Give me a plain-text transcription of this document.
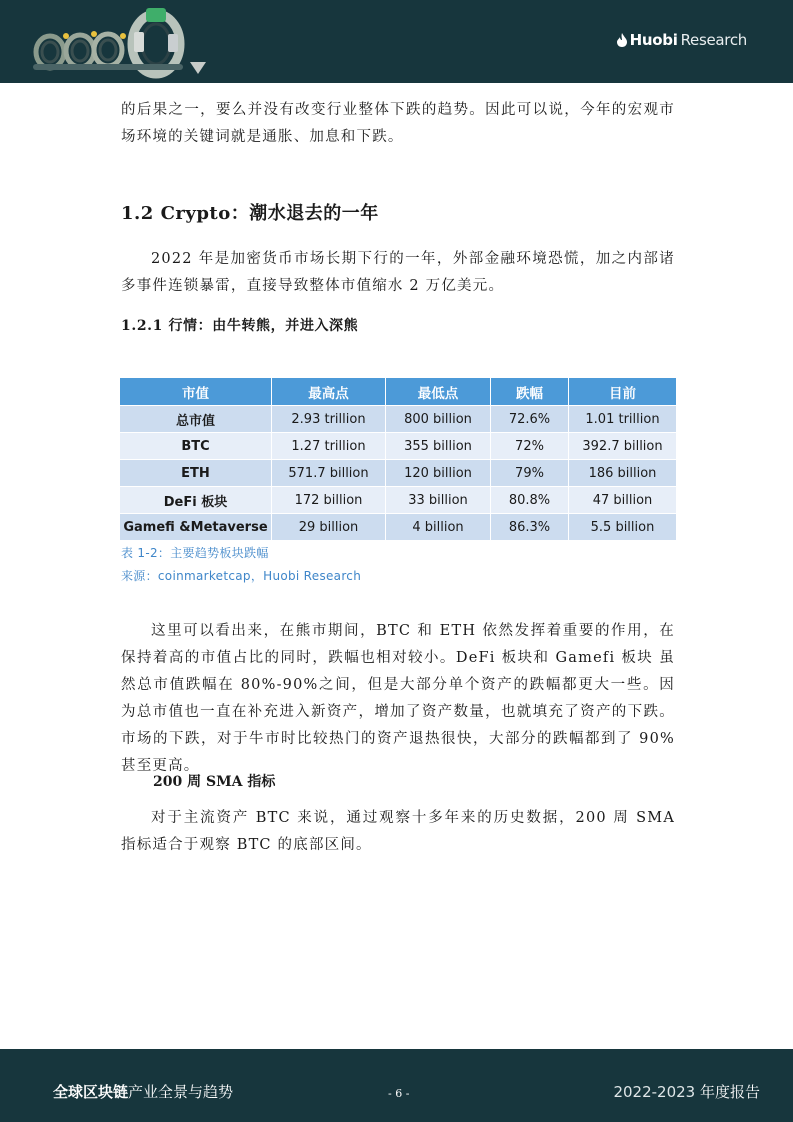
Huobi Research

的后果之一，要么并没有改变行业整体下跌的趋势。因此可以说，今年的宏观市场环境的关键词就是通胀、加息和下跌。

1.2 Crypto：潮水退去的一年

2022 年是加密货币市场长期下行的一年，外部金融环境恐慌，加之内部诸多事件连锁暴雷，直接导致整体市值缩水 2 万亿美元。

1.2.1 行情：由牛转熊，并进入深熊
市值	最高点	最低点	跌幅	目前
总市值	2.93 trillion	800 billion	72.6%	1.01 trillion
BTC	1.27 trillion	355 billion	72%	392.7 billion
ETH	571.7 billion	120 billion	79%	186 billion
DeFi 板块	172 billion	33 billion	80.8%	47 billion
Gamefi &Metaverse	29 billion	4 billion	86.3%	5.5 billion

表 1-2：主要趋势板块跌幅

来源：coinmarketcap，Huobi Research

这里可以看出来，在熊市期间，BTC 和 ETH 依然发挥着重要的作用，在保持着高的市值占比的同时，跌幅也相对较小。DeFi 板块和 Gamefi 板块 虽然总市值跌幅在 80%-90%之间，但是大部分单个资产的跌幅都更大一些。因为总市值也一直在补充进入新资产，增加了资产数量，也就填充了资产的下跌。市场的下跌，对于牛市时比较热门的资产退热很快，大部分的跌幅都到了 90%甚至更高。

200 周 SMA 指标

对于主流资产 BTC 来说，通过观察十多年来的历史数据，200 周 SMA 指标适合于观察 BTC 的底部区间。

全球区块链产业全景与趋势	- 6 -	2022-2023 年度报告
